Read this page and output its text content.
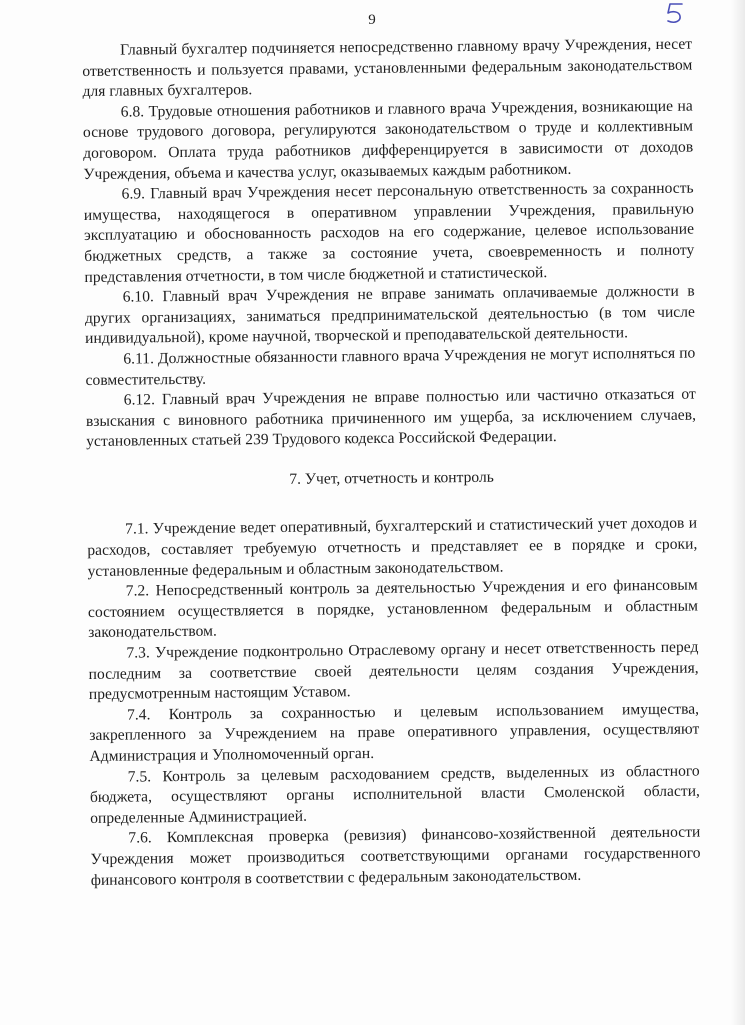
9

Главный бухгалтер подчиняется непосредственно главному врачу Учреждения, несет ответственность и пользуется правами, установленными федеральным законодательством для главных бухгалтеров.

6.8. Трудовые отношения работников и главного врача Учреждения, возникающие на основе трудового договора, регулируются законодательством о труде и коллективным договором. Оплата труда работников дифференцируется в зависимости от доходов Учреждения, объема и качества услуг, оказываемых каждым работником.

6.9. Главный врач Учреждения несет персональную ответственность за сохранность имущества, находящегося в оперативном управлении Учреждения, правильную эксплуатацию и обоснованность расходов на его содержание, целевое использование бюджетных средств, а также за состояние учета, своевременность и полноту представления отчетности, в том числе бюджетной и статистической.

6.10. Главный врач Учреждения не вправе занимать оплачиваемые должности в других организациях, заниматься предпринимательской деятельностью (в том числе индивидуальной), кроме научной, творческой и преподавательской деятельности.

6.11. Должностные обязанности главного врача Учреждения не могут исполняться по совместительству.

6.12. Главный врач Учреждения не вправе полностью или частично отказаться от взыскания с виновного работника причиненного им ущерба, за исключением случаев, установленных статьей 239 Трудового кодекса Российской Федерации.

7. Учет, отчетность и контроль

7.1. Учреждение ведет оперативный, бухгалтерский и статистический учет доходов и расходов, составляет требуемую отчетность и представляет ее в порядке и сроки, установленные федеральным и областным законодательством.

7.2. Непосредственный контроль за деятельностью Учреждения и его финансовым состоянием осуществляется в порядке, установленном федеральным и областным законодательством.

7.3. Учреждение подконтрольно Отраслевому органу и несет ответственность перед последним за соответствие своей деятельности целям создания Учреждения, предусмотренным настоящим Уставом.

7.4. Контроль за сохранностью и целевым использованием имущества, закрепленного за Учреждением на праве оперативного управления, осуществляют Администрация и Уполномоченный орган.

7.5. Контроль за целевым расходованием средств, выделенных из областного бюджета, осуществляют органы исполнительной власти Смоленской области, определенные Администрацией.

7.6. Комплексная проверка (ревизия) финансово-хозяйственной деятельности Учреждения может производиться соответствующими органами государственного финансового контроля в соответствии с федеральным законодательством.
